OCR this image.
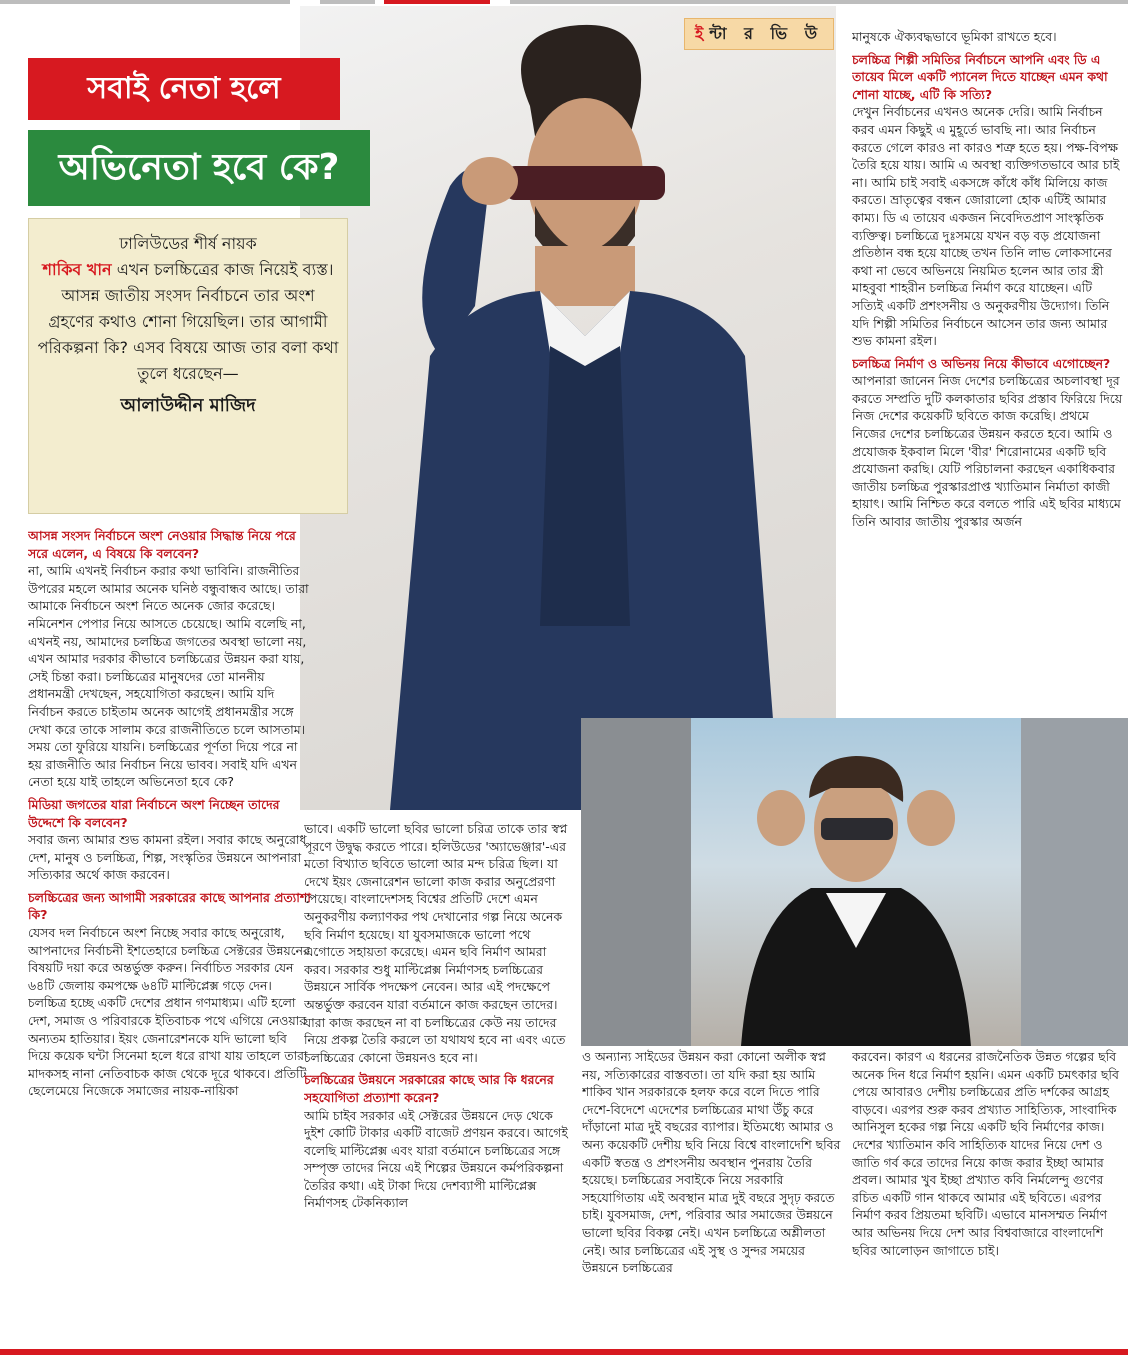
ইন্টা র ভি উ
সবাই নেতা হলে
অভিনেতা হবে কে?
ঢালিউডের শীর্ষ নায়ক
শাকিব খান এখন চলচ্চিত্রের কাজ নিয়েই ব্যস্ত। আসন্ন জাতীয় সংসদ নির্বাচনে তার অংশ গ্রহণের কথাও শোনা গিয়েছিল। তার আগামী পরিকল্পনা কি? এসব বিষয়ে আজ তার বলা কথা তুলে ধরেছেন—
আলাউদ্দীন মাজিদ

আসন্ন সংসদ নির্বাচনে অংশ নেওয়ার সিদ্ধান্ত নিয়ে পরে সরে এলেন, এ বিষয়ে কি বলবেন?

না, আমি এখনই নির্বাচন করার কথা ভাবিনি। রাজনীতির উপরের মহলে আমার অনেক ঘনিষ্ঠ বন্ধুবান্ধব আছে। তারা আমাকে নির্বাচনে অংশ নিতে অনেক জোর করেছে। নমিনেশন পেপার নিয়ে আসতে চেয়েছে। আমি বলেছি না, এখনই নয়, আমাদের চলচ্চিত্র জগতের অবস্থা ভালো নয়, এখন আমার দরকার কীভাবে চলচ্চিত্রের উন্নয়ন করা যায়, সেই চিন্তা করা। চলচ্চিত্রের মানুষদের তো মাননীয় প্রধানমন্ত্রী দেখছেন, সহযোগিতা করছেন। আমি যদি নির্বাচন করতে চাইতাম অনেক আগেই প্রধানমন্ত্রীর সঙ্গে দেখা করে তাকে সালাম করে রাজনীতিতে চলে আসতাম। সময় তো ফুরিয়ে যায়নি। চলচ্চিত্রের পূর্ণতা দিয়ে পরে না হয় রাজনীতি আর নির্বাচন নিয়ে ভাবব। সবাই যদি এখন নেতা হয়ে যাই তাহলে অভিনেতা হবে কে?

মিডিয়া জগতের যারা নির্বাচনে অংশ নিচ্ছেন তাদের উদ্দেশে কি বলবেন?

সবার জন্য আমার শুভ কামনা রইল। সবার কাছে অনুরোধ দেশ, মানুষ ও চলচ্চিত্র, শিল্প, সংস্কৃতির উন্নয়নে আপনারা সত্যিকার অর্থে কাজ করবেন।

চলচ্চিত্রের জন্য আগামী সরকারের কাছে আপনার প্রত্যাশা কি?

যেসব দল নির্বাচনে অংশ নিচ্ছে সবার কাছে অনুরোধ, আপনাদের নির্বাচনী ইশতেহারে চলচ্চিত্র সেক্টরের উন্নয়নের বিষয়টি দয়া করে অন্তর্ভুক্ত করুন। নির্বাচিত সরকার যেন ৬৪টি জেলায় কমপক্ষে ৬৪টি মাল্টিপ্লেক্স গড়ে দেন। চলচ্চিত্র হচ্ছে একটি দেশের প্রধান গণমাধ্যম। এটি হলো দেশ, সমাজ ও পরিবারকে ইতিবাচক পথে এগিয়ে নেওয়ার অন্যতম হাতিয়ার। ইয়ং জেনারেশনকে যদি ভালো ছবি দিয়ে কয়েক ঘন্টা সিনেমা হলে ধরে রাখা যায় তাহলে তারা মাদকসহ নানা নেতিবাচক কাজ থেকে দূরে থাকবে। প্রতিটি ছেলেমেয়ে নিজেকে সমাজের নায়ক-নায়িকা

ভাবে। একটি ভালো ছবির ভালো চরিত্র তাকে তার স্বপ্ন পূরণে উদ্বুদ্ধ করতে পারে। হলিউডের 'অ্যাভেঞ্জার'-এর মতো বিখ্যাত ছবিতে ভালো আর মন্দ চরিত্র ছিল। যা দেখে ইয়ং জেনারেশন ভালো কাজ করার অনুপ্রেরণা পেয়েছে। বাংলাদেশসহ বিশ্বের প্রতিটি দেশে এমন অনুকরণীয় কল্যাণকর পথ দেখানোর গল্প নিয়ে অনেক ছবি নির্মাণ হয়েছে। যা যুবসমাজকে ভালো পথে এগোতে সহায়তা করেছে। এমন ছবি নির্মাণ আমরা করব। সরকার শুধু মাল্টিপ্লেক্স নির্মাণসহ চলচ্চিত্রের উন্নয়নে সার্বিক পদক্ষেপ নেবেন। আর এই পদক্ষেপে অন্তর্ভুক্ত করবেন যারা বর্তমানে কাজ করছেন তাদের। যারা কাজ করছেন না বা চলচ্চিত্রের কেউ নয় তাদের নিয়ে প্রকল্প তৈরি করলে তা যথাযথ হবে না এবং এতে চলচ্চিত্রের কোনো উন্নয়নও হবে না।

চলচ্চিত্রের উন্নয়নে সরকারের কাছে আর কি ধরনের সহযোগিতা প্রত্যাশা করেন?

আমি চাইব সরকার এই সেক্টরের উন্নয়নে দেড় থেকে দুইশ কোটি টাকার একটি বাজেট প্রণয়ন করবে। আগেই বলেছি মাল্টিপ্লেক্স এবং যারা বর্তমানে চলচ্চিত্রের সঙ্গে সম্পৃক্ত তাদের নিয়ে এই শিল্পের উন্নয়নে কর্মপরিকল্পনা তৈরির কথা। এই টাকা দিয়ে দেশব্যাপী মাল্টিপ্লেক্স নির্মাণসহ টেকনিক্যাল

ও অন্যান্য সাইডের উন্নয়ন করা কোনো অলীক স্বপ্ন নয়, সত্যিকারের বাস্তবতা। তা যদি করা হয় আমি শাকিব খান সরকারকে হলফ করে বলে দিতে পারি দেশে-বিদেশে এদেশের চলচ্চিত্রের মাথা উঁচু করে দাঁড়ানো মাত্র দুই বছরের ব্যাপার। ইতিমধ্যে আমার ও অন্য কয়েকটি দেশীয় ছবি নিয়ে বিশ্বে বাংলাদেশি ছবির একটি স্বতন্ত্র ও প্রশংসনীয় অবস্থান পুনরায় তৈরি হয়েছে। চলচ্চিত্রের সবাইকে নিয়ে সরকারি সহযোগিতায় এই অবস্থান মাত্র দুই বছরে সুদৃঢ় করতে চাই। যুবসমাজ, দেশ, পরিবার আর সমাজের উন্নয়নে ভালো ছবির বিকল্প নেই। এখন চলচ্চিত্রে অশ্লীলতা নেই। আর চলচ্চিত্রের এই সুস্থ ও সুন্দর সময়ের উন্নয়নে চলচ্চিত্রের

মানুষকে ঐক্যবদ্ধভাবে ভূমিকা রাখতে হবে।

চলচ্চিত্র শিল্পী সমিতির নির্বাচনে আপনি এবং ডি এ তায়েব মিলে একটি প্যানেল দিতে যাচ্ছেন এমন কথা শোনা যাচ্ছে, এটি কি সত্যি?

দেখুন নির্বাচনের এখনও অনেক দেরি। আমি নির্বাচন করব এমন কিছুই এ মুহূর্তে ভাবছি না। আর নির্বাচন করতে গেলে কারও না কারও শত্রু হতে হয়। পক্ষ-বিপক্ষ তৈরি হয়ে যায়। আমি এ অবস্থা ব্যক্তিগতভাবে আর চাই না। আমি চাই সবাই একসঙ্গে কাঁধে কাঁধ মিলিয়ে কাজ করতে। ভ্রাতৃত্বের বন্ধন জোরালো হোক এটিই আমার কাম্য। ডি এ তায়েব একজন নিবেদিতপ্রাণ সাংস্কৃতিক ব্যক্তিত্ব। চলচ্চিত্রে দুঃসময়ে যখন বড় বড় প্রযোজনা প্রতিষ্ঠান বন্ধ হয়ে যাচ্ছে তখন তিনি লাভ লোকসানের কথা না ভেবে অভিনয়ে নিয়মিত হলেন আর তার স্ত্রী মাহবুবা শাহরীন চলচ্চিত্র নির্মাণ করে যাচ্ছেন। এটি সত্যিই একটি প্রশংসনীয় ও অনুকরণীয় উদ্যোগ। তিনি যদি শিল্পী সমিতির নির্বাচনে আসেন তার জন্য আমার শুভ কামনা রইল।

চলচ্চিত্র নির্মাণ ও অভিনয় নিয়ে কীভাবে এগোচ্ছেন?

আপনারা জানেন নিজ দেশের চলচ্চিত্রের অচলাবস্থা দূর করতে সম্প্রতি দুটি কলকাতার ছবির প্রস্তাব ফিরিয়ে দিয়ে নিজ দেশের কয়েকটি ছবিতে কাজ করেছি। প্রথমে নিজের দেশের চলচ্চিত্রের উন্নয়ন করতে হবে। আমি ও প্রযোজক ইকবাল মিলে 'বীর' শিরোনামের একটি ছবি প্রযোজনা করছি। যেটি পরিচালনা করছেন একাধিকবার জাতীয় চলচ্চিত্র পুরস্কারপ্রাপ্ত খ্যাতিমান নির্মাতা কাজী হায়াৎ। আমি নিশ্চিত করে বলতে পারি এই ছবির মাধ্যমে তিনি আবার জাতীয় পুরস্কার অর্জন

করবেন। কারণ এ ধরনের রাজনৈতিক উন্নত গল্পের ছবি অনেক দিন ধরে নির্মাণ হয়নি। এমন একটি চমৎকার ছবি পেয়ে আবারও দেশীয় চলচ্চিত্রের প্রতি দর্শকের আগ্রহ বাড়বে। এরপর শুরু করব প্রখ্যাত সাহিত্যিক, সাংবাদিক আনিসুল হকের গল্প নিয়ে একটি ছবি নির্মাণের কাজ। দেশের খ্যাতিমান কবি সাহিত্যিক যাদের নিয়ে দেশ ও জাতি গর্ব করে তাদের নিয়ে কাজ করার ইচ্ছা আমার প্রবল। আমার খুব ইচ্ছা প্রখ্যাত কবি নির্মলেন্দু গুণের রচিত একটি গান থাকবে আমার এই ছবিতে। এরপর নির্মাণ করব প্রিয়তমা ছবিটি। এভাবে মানসম্মত নির্মাণ আর অভিনয় দিয়ে দেশ আর বিশ্ববাজারে বাংলাদেশি ছবির আলোড়ন জাগাতে চাই।
